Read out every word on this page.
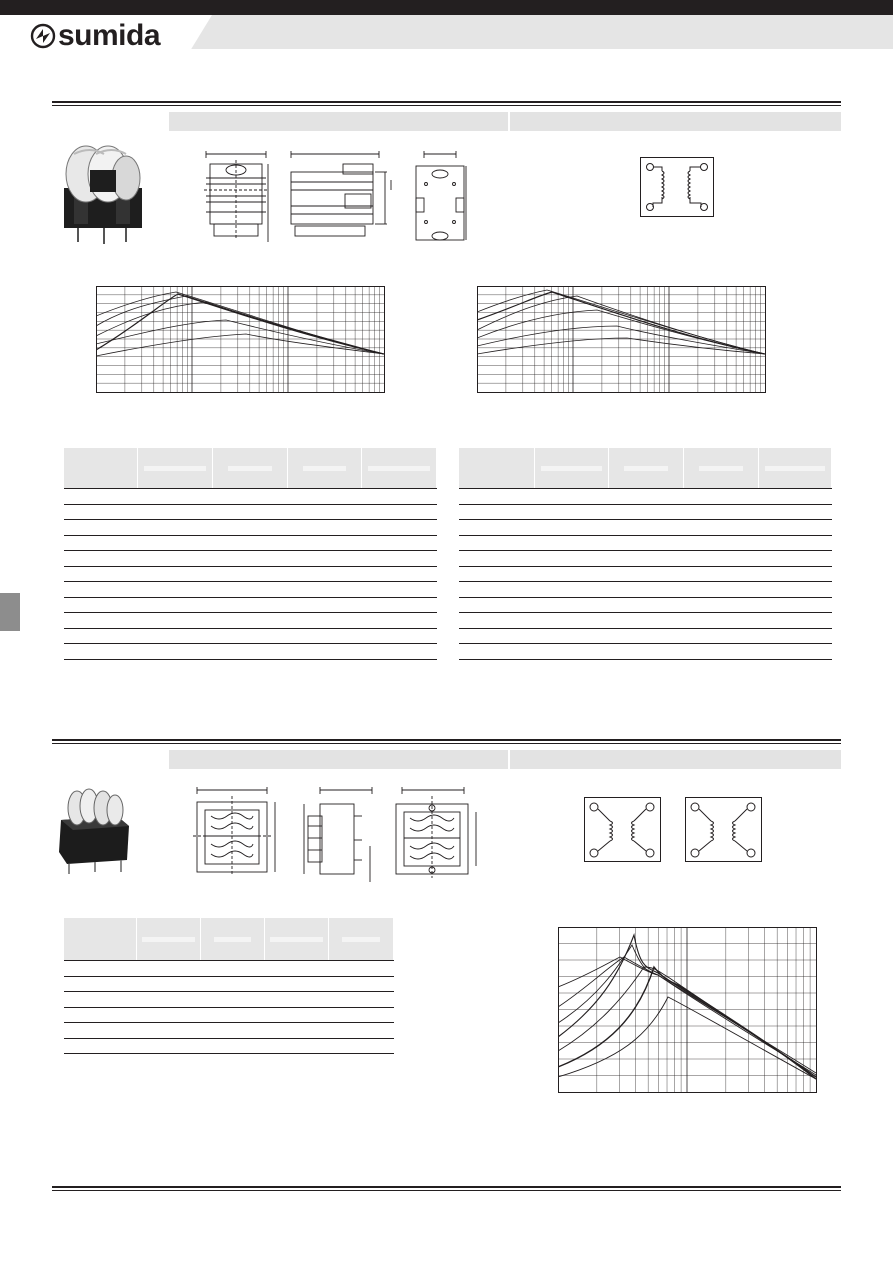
sumida
